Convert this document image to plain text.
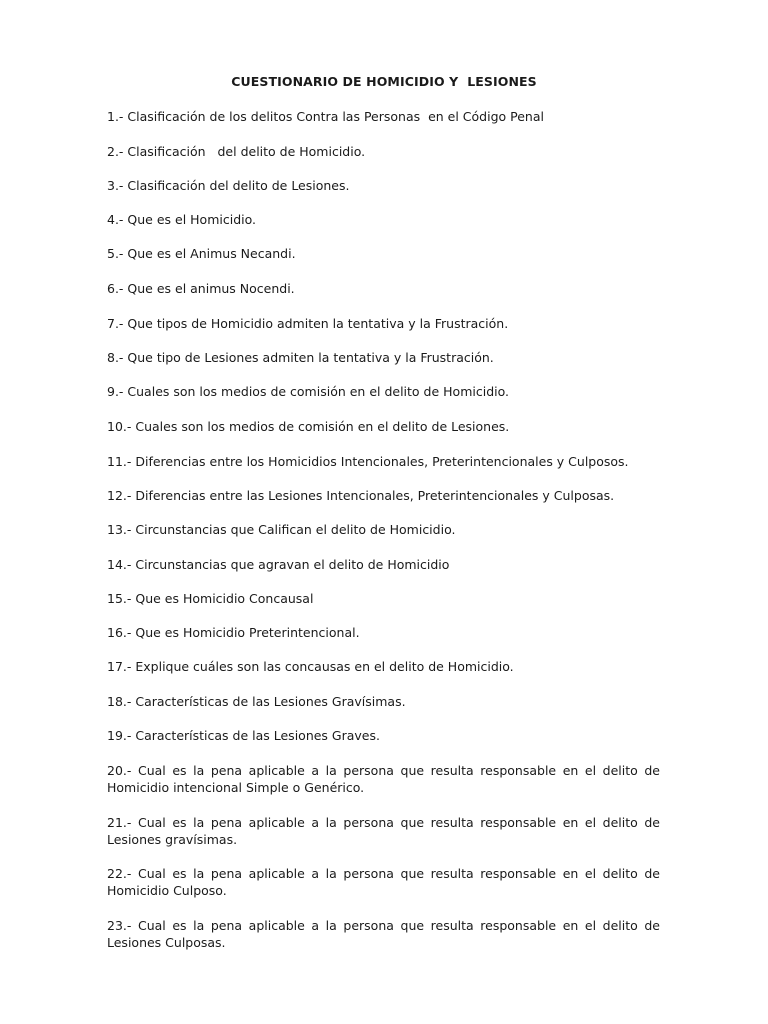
CUESTIONARIO DE HOMICIDIO Y  LESIONES
1.- Clasificación de los delitos Contra las Personas  en el Código Penal
2.- Clasificación   del delito de Homicidio.
3.- Clasificación del delito de Lesiones.
4.- Que es el Homicidio.
5.- Que es el Animus Necandi.
6.- Que es el animus Nocendi.
7.- Que tipos de Homicidio admiten la tentativa y la Frustración.
8.- Que tipo de Lesiones admiten la tentativa y la Frustración.
9.- Cuales son los medios de comisión en el delito de Homicidio.
10.- Cuales son los medios de comisión en el delito de Lesiones.
11.- Diferencias entre los Homicidios Intencionales, Preterintencionales y Culposos.
12.- Diferencias entre las Lesiones Intencionales, Preterintencionales y Culposas.
13.- Circunstancias que Califican el delito de Homicidio.
14.- Circunstancias que agravan el delito de Homicidio
15.- Que es Homicidio Concausal
16.- Que es Homicidio Preterintencional.
17.- Explique cuáles son las concausas en el delito de Homicidio.
18.- Características de las Lesiones Gravísimas.
19.- Características de las Lesiones Graves.
20.- Cual es la pena aplicable a la persona que resulta responsable en el delito de Homicidio intencional Simple o Genérico.
21.- Cual es la pena aplicable a la persona que resulta responsable en el delito de Lesiones gravísimas.
22.- Cual es la pena aplicable a la persona que resulta responsable en el delito de Homicidio Culposo.
23.- Cual es la pena aplicable a la persona que resulta responsable en el delito de Lesiones Culposas.
